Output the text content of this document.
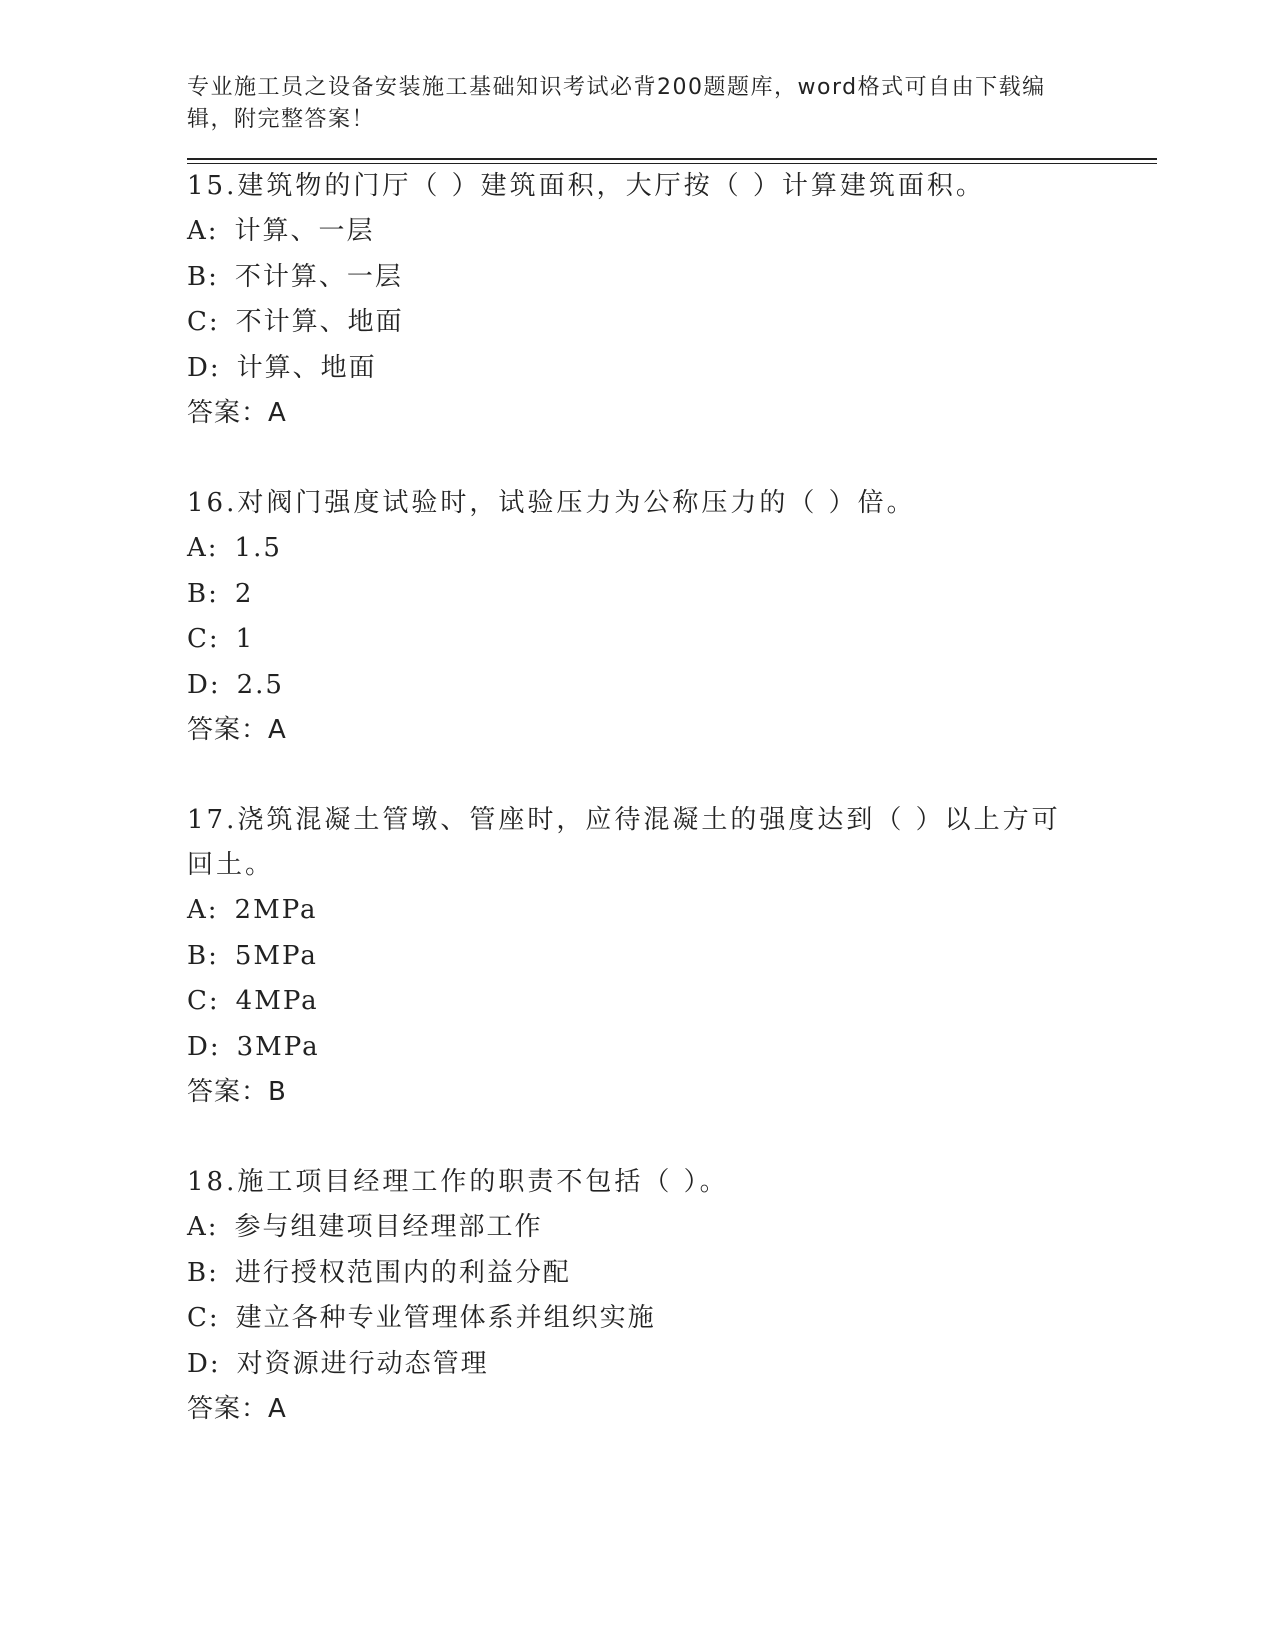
专业施工员之设备安装施工基础知识考试必背200题题库，word格式可自由下载编辑，附完整答案！
15.建筑物的门厅（ ）建筑面积，大厅按（ ）计算建筑面积。
A: 计算、一层
B: 不计算、一层
C: 不计算、地面
D: 计算、地面
答案：A
16.对阀门强度试验时，试验压力为公称压力的（ ）倍。
A: 1.5
B: 2
C: 1
D: 2.5
答案：A
17.浇筑混凝土管墩、管座时，应待混凝土的强度达到（ ）以上方可回土。
A: 2MPa
B: 5MPa
C: 4MPa
D: 3MPa
答案：B
18.施工项目经理工作的职责不包括（ ）。
A: 参与组建项目经理部工作
B: 进行授权范围内的利益分配
C: 建立各种专业管理体系并组织实施
D: 对资源进行动态管理
答案：A
